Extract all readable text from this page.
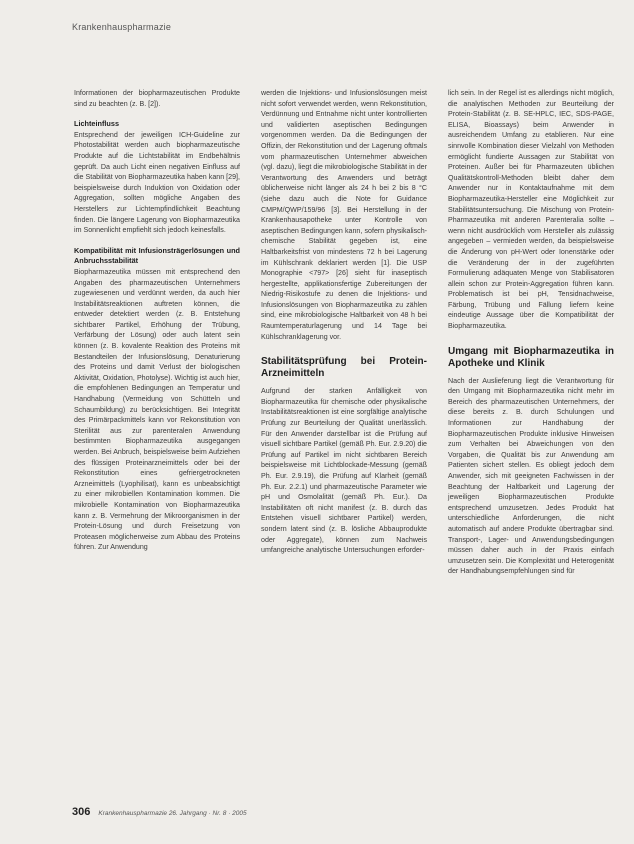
Krankenhauspharmazie

Informationen der biopharmazeutischen Produkte sind zu beachten (z. B. [2]).

Lichteinfluss

Entsprechend der jeweiligen ICH-Guideline zur Photostabilität werden auch biopharmazeutische Produkte auf die Lichtstabilität im Endbehältnis geprüft. Da auch Licht einen negativen Einfluss auf die Stabilität von Biopharmazeutika haben kann [29], beispielsweise durch Induktion von Oxidation oder Aggregation, sollten mögliche Angaben des Herstellers zur Lichtempfindlichkeit Beachtung finden. Die längere Lagerung von Biopharmazeutika im Sonnenlicht empfiehlt sich jedoch keinesfalls.

Kompatibilität mit Infusionsträgerlösungen und Anbruchsstabilität

Biopharmazeutika müssen mit entsprechend den Angaben des pharmazeutischen Unternehmers zugewiesenen und verdünnt werden, da auch hier Instabilitätsreaktionen auftreten können, die entweder detektiert werden (z. B. Entstehung sichtbarer Partikel, Erhöhung der Trübung, Verfärbung der Lösung) oder auch latent sein können (z. B. kovalente Reaktion des Proteins mit Bestandteilen der Infusionslösung, Denaturierung des Proteins und damit Verlust der biologischen Aktivität, Oxidation, Photolyse). Wichtig ist auch hier, die empfohlenen Bedingungen an Temperatur und Handhabung (Vermeidung von Schütteln und Schaumbildung) zu berücksichtigen. Bei Integrität des Primärpackmittels kann vor Rekonstitution von Sterilität aus zur parenteralen Anwendung bestimmten Biopharmazeutika ausgegangen werden. Bei Anbruch, beispielsweise beim Aufziehen des flüssigen Proteinarzneimittels oder bei der Rekonstitution eines gefriergetrockneten Arzneimittels (Lyophilisat), kann es unbeabsichtigt zu einer mikrobiellen Kontamination kommen. Die mikrobielle Kontamination von Biopharmazeutika kann z. B. Vermehrung der Mikroorganismen in der Protein-Lösung und durch Freisetzung von Proteasen möglicherweise zum Abbau des Proteins führen. Zur Anwendung

werden die Injektions- und Infusionslösungen meist nicht sofort verwendet werden, wenn Rekonstitution, Verdünnung und Entnahme nicht unter kontrollierten und validierten aseptischen Bedingungen vorgenommen werden. Da die Bedingungen der Offizin, der Rekonstitution und der Lagerung oftmals vom pharmazeutischen Unternehmer abweichen (vgl. dazu), liegt die mikrobiologische Stabilität in der Verantwortung des Anwenders und beträgt üblicherweise nicht länger als 24 h bei 2 bis 8 °C (siehe dazu auch die Note for Guidance CMPM/QWP/159/96 [3]. Bei Herstellung in der Krankenhausapotheke unter Kontrolle von aseptischen Bedingungen kann, sofern physikalisch-chemische Stabilität gegeben ist, eine Haltbarkeitsfrist von mindestens 72 h bei Lagerung im Kühlschrank deklariert werden [1]. Die USP Monographie <797> [26] sieht für inaseptisch hergestellte, applikationsfertige Zubereitungen der Niedrig-Risikostufe zu denen die Injektions- und Infusionslösungen von Biopharmazeutika zu zählen sind, eine mikrobiologische Haltbarkeit von 48 h bei Raumtemperaturlagerung und 14 Tage bei Kühlschranklagerung vor.

Stabilitätsprüfung bei Protein-Arzneimitteln

Aufgrund der starken Anfälligkeit von Biopharmazeutika für chemische oder physikalische Instabilitätsreaktionen ist eine sorgfältige analytische Prüfung zur Beurteilung der Qualität unerlässlich. Für den Anwender darstellbar ist die Prüfung auf visuell sichtbare Partikel (gemäß Ph. Eur. 2.9.20) die Prüfung auf Partikel im nicht sichtbaren Bereich beispielsweise mit Lichtblockade-Messung (gemäß Ph. Eur. 2.9.19), die Prüfung auf Klarheit (gemäß Ph. Eur. 2.2.1) und pharmazeutische Parameter wie pH und Osmolalität (gemäß Ph. Eur.). Da Instabilitäten oft nicht manifest (z. B. durch das Entstehen visuell sichtbarer Partikel) werden, sondern latent sind (z. B. lösliche Abbauprodukte oder Aggregate), können zum Nachweis umfangreiche analytische Untersuchungen erforder-

lich sein. In der Regel ist es allerdings nicht möglich, die analytischen Methoden zur Beurteilung der Protein-Stabilität (z. B. SE-HPLC, IEC, SDS-PAGE, ELISA, Bioassays) beim Anwender in ausreichendem Umfang zu etablieren. Nur eine sinnvolle Kombination dieser Vielzahl von Methoden ermöglicht fundierte Aussagen zur Stabilität von Proteinen. Außer bei für Pharmazeuten üblichen Qualitätskontroll-Methoden bleibt daher dem Anwender nur in Kontaktaufnahme mit dem Biopharmazeutika-Hersteller eine Möglichkeit zur Stabilitätsuntersuchung. Die Mischung von Protein-Pharmazeutika mit anderen Parenteralia sollte – wenn nicht ausdrücklich vom Hersteller als zulässig angegeben – vermieden werden, da beispielsweise die Änderung von pH-Wert oder Ionenstärke oder die Veränderung der in der zugeführten Formulierung adäquaten Menge von Stabilisatoren allein schon zur Protein-Aggregation führen kann. Problematisch ist bei pH, Tensidnachweise, Färbung, Trübung und Fällung liefern keine eindeutige Aussage über die Kompatibilität der Biopharmazeutika.

Umgang mit Biopharmazeutika in Apotheke und Klinik

Nach der Auslieferung liegt die Verantwortung für den Umgang mit Biopharmazeutika nicht mehr im Bereich des pharmazeutischen Unternehmers, der diese bereits z. B. durch Schulungen und Informationen zur Handhabung der Biopharmazeutischen Produkte inklusive Hinweisen zum Verhalten bei Abweichungen von den Vorgaben, die Qualität bis zur Anwendung am Patienten sichert stellen. Es obliegt jedoch dem Anwender, sich mit geeigneten Fachwissen in der Beachtung der Haltbarkeit und Lagerung der jeweiligen Biopharmazeutischen Produkte entsprechend umzusetzen. Jedes Produkt hat unterschiedliche Anforderungen, die nicht automatisch auf andere Produkte übertragbar sind. Transport-, Lager- und Anwendungsbedingungen müssen daher auch in der Praxis einfach umzusetzen sein. Die Komplexität und Heterogenität der Handhabungsempfehlungen sind für

306 Krankenhauspharmazie 26. Jahrgang · Nr. 8 · 2005
